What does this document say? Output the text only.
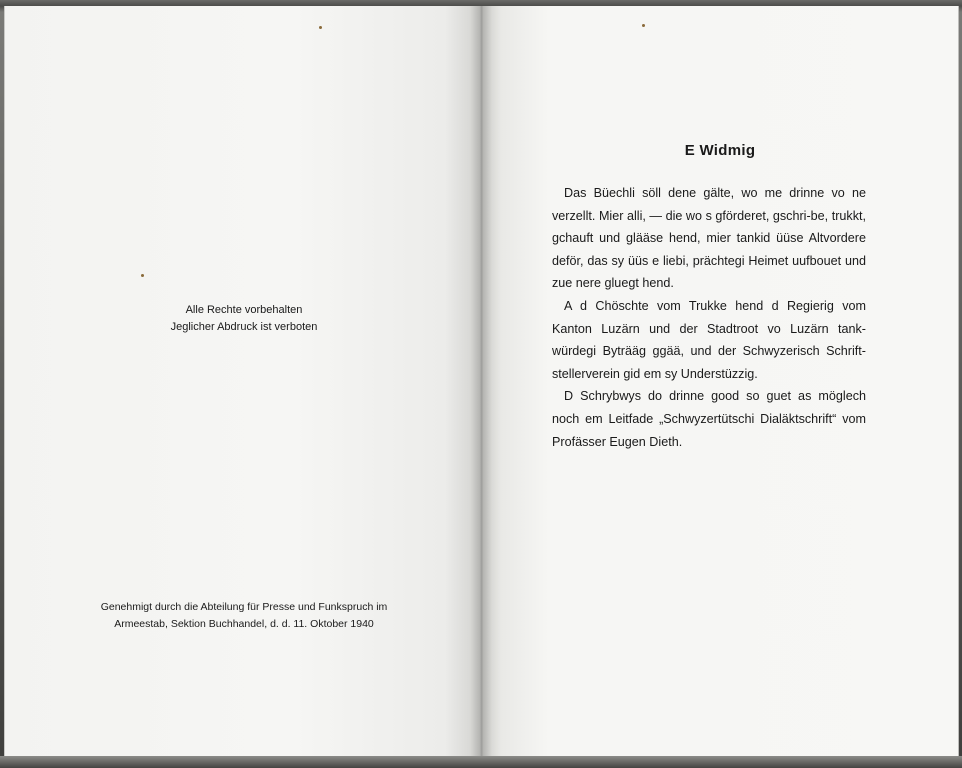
Alle Rechte vorbehalten
Jeglicher Abdruck ist verboten
Genehmigt durch die Abteilung für Presse und Funkspruch im
Armeestab, Sektion Buchhandel, d. d. 11. Oktober 1940
E Widmig

Das Büechli söll dene gälte, wo me drinne vo ne verzellt. Mier alli, — die wo s gförderet, gschri-be, trukkt, gchauft und glääse hend, mier tankid üüse Altvordere deför, das sy üüs e liebi, prächtegi Heimet uufbouet und zue nere gluegt hend.

A d Chöschte vom Trukke hend d Regierig vom Kanton Luzärn und der Stadtroot vo Luzärn tank-würdegi Byträäg ggää, und der Schwyzerisch Schrift-stellerverein gid em sy Understüzzig.

D Schrybwys do drinne good so guet as möglech noch em Leitfade „Schwyzertütschi Dialäktschrift“ vom Profässer Eugen Dieth.
